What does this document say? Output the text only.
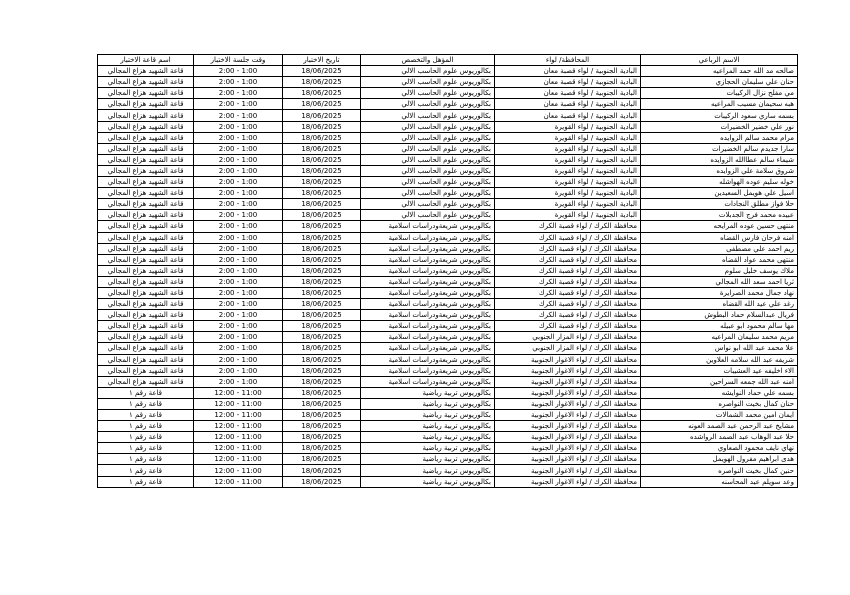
الاسم الرباعي	المحافظة/ لواء	المؤهل والتخصص	تاريخ الاختبار	وقت جلسة الاختبار	اسم قاعة الاختبار
صالحه مد الله حمد المراعيه	البادية الجنوبية / لواء قصبة معان	بكالوريوس علوم الحاسب الالي	18/06/2025	1:00 - 2:00	قاعة الشهيد هزاع المجالي
حنان علي سليمان الحجازي	البادية الجنوبية / لواء قصبة معان	بكالوريوس علوم الحاسب الالي	18/06/2025	1:00 - 2:00	قاعة الشهيد هزاع المجالي
مي مفلح نزال الركيبات	البادية الجنوبية / لواء قصبة معان	بكالوريوس علوم الحاسب الالي	18/06/2025	1:00 - 2:00	قاعة الشهيد هزاع المجالي
هبه سحيمان مسيب المراعيه	البادية الجنوبية / لواء قصبة معان	بكالوريوس علوم الحاسب الالي	18/06/2025	1:00 - 2:00	قاعة الشهيد هزاع المجالي
بسمه ساري سعود الركيبات	البادية الجنوبية / لواء قصبة معان	بكالوريوس علوم الحاسب الالي	18/06/2025	1:00 - 2:00	قاعة الشهيد هزاع المجالي
نور علي خضير الخضيرات	البادية الجنوبية / لواء القويرة	بكالوريوس علوم الحاسب الالي	18/06/2025	1:00 - 2:00	قاعة الشهيد هزاع المجالي
مرام محمد سالم الزوايده	البادية الجنوبية / لواء القويرة	بكالوريوس علوم الحاسب الالي	18/06/2025	1:00 - 2:00	قاعة الشهيد هزاع المجالي
سارا جديدم سالم الخضيرات	البادية الجنوبية / لواء القويرة	بكالوريوس علوم الحاسب الالي	18/06/2025	1:00 - 2:00	قاعة الشهيد هزاع المجالي
شيماء سالم عطاالله الزوايده	البادية الجنوبية / لواء القويرة	بكالوريوس علوم الحاسب الالي	18/06/2025	1:00 - 2:00	قاعة الشهيد هزاع المجالي
شروق سلامة علي الزوايده	البادية الجنوبية / لواء القويرة	بكالوريوس علوم الحاسب الالي	18/06/2025	1:00 - 2:00	قاعة الشهيد هزاع المجالي
خوله سليم عوده الهواشله	البادية الجنوبية / لواء القويرة	بكالوريوس علوم الحاسب الالي	18/06/2025	1:00 - 2:00	قاعة الشهيد هزاع المجالي
اسيل علي هويمل السعيدين	البادية الجنوبية / لواء القويرة	بكالوريوس علوم الحاسب الالي	18/06/2025	1:00 - 2:00	قاعة الشهيد هزاع المجالي
حلا فواز مطلق النجادات	البادية الجنوبية / لواء القويرة	بكالوريوس علوم الحاسب الالي	18/06/2025	1:00 - 2:00	قاعة الشهيد هزاع المجالي
عبيده محمد فرج الجدبلات	البادية الجنوبية / لواء القويرة	بكالوريوس علوم الحاسب الالي	18/06/2025	1:00 - 2:00	قاعة الشهيد هزاع المجالي
منتهى حسين عوده المرايحه	محافظة الكرك / لواء قصبة الكرك	بكالوريوس شريعةودراسات اسلامية	18/06/2025	1:00 - 2:00	قاعة الشهيد هزاع المجالي
امنه فرحان فارس القضاه	محافظة الكرك / لواء قصبة الكرك	بكالوريوس شريعةودراسات اسلامية	18/06/2025	1:00 - 2:00	قاعة الشهيد هزاع المجالي
ريم احمد علي مصطفى	محافظة الكرك / لواء قصبة الكرك	بكالوريوس شريعةودراسات اسلامية	18/06/2025	1:00 - 2:00	قاعة الشهيد هزاع المجالي
منتهى محمد عواد القضاه	محافظة الكرك / لواء قصبة الكرك	بكالوريوس شريعةودراسات اسلامية	18/06/2025	1:00 - 2:00	قاعة الشهيد هزاع المجالي
ملاك يوسف خليل سلوم	محافظة الكرك / لواء قصبة الكرك	بكالوريوس شريعةودراسات اسلامية	18/06/2025	1:00 - 2:00	قاعة الشهيد هزاع المجالي
ثريا احمد سعد الله المجالي	محافظة الكرك / لواء قصبة الكرك	بكالوريوس شريعةودراسات اسلامية	18/06/2025	1:00 - 2:00	قاعة الشهيد هزاع المجالي
نهاد جمال محمد الصرايرة	محافظة الكرك / لواء قصبة الكرك	بكالوريوس شريعةودراسات اسلامية	18/06/2025	1:00 - 2:00	قاعة الشهيد هزاع المجالي
رغد علي عيد الله القضاه	محافظة الكرك / لواء قصبة الكرك	بكالوريوس شريعةودراسات اسلامية	18/06/2025	1:00 - 2:00	قاعة الشهيد هزاع المجالي
فريال عبدالسلام حماد البطوش	محافظة الكرك / لواء قصبة الكرك	بكالوريوس شريعةودراسات اسلامية	18/06/2025	1:00 - 2:00	قاعة الشهيد هزاع المجالي
مها سالم محمود ابو عبيله	محافظة الكرك / لواء قصبة الكرك	بكالوريوس شريعةودراسات اسلامية	18/06/2025	1:00 - 2:00	قاعة الشهيد هزاع المجالي
مريم محمد سليمان المراعيه	محافظة الكرك / لواء المزار الجنوبي	بكالوريوس شريعةودراسات اسلامية	18/06/2025	1:00 - 2:00	قاعة الشهيد هزاع المجالي
علا محمد عبد الله ابو نواس	محافظة الكرك / لواء المزار الجنوبي	بكالوريوس شريعةودراسات اسلامية	18/06/2025	1:00 - 2:00	قاعة الشهيد هزاع المجالي
شريفه عبد الله سلامه العلاوين	محافظة الكرك / لواء الاغوار الجنوبية	بكالوريوس شريعةودراسات اسلامية	18/06/2025	1:00 - 2:00	قاعة الشهيد هزاع المجالي
الاء اخليفه عيد العشيبات	محافظة الكرك / لواء الاغوار الجنوبية	بكالوريوس شريعةودراسات اسلامية	18/06/2025	1:00 - 2:00	قاعة الشهيد هزاع المجالي
امنه عبد الله جمعه السراحين	محافظة الكرك / لواء الاغوار الجنوبية	بكالوريوس شريعةودراسات اسلامية	18/06/2025	1:00 - 2:00	قاعة الشهيد هزاع المجالي
بسمه علي حماد النوايشه	محافظة الكرك / لواء الاغوار الجنوبية	بكالوريوس تربية رياضية	18/06/2025	11:00 - 12:00	قاعة رقم ١
حنان كمال بخيت النواصره	محافظة الكرك / لواء الاغوار الجنوبية	بكالوريوس تربية رياضية	18/06/2025	11:00 - 12:00	قاعة رقم ١
ايمان امين محمد الشمالات	محافظة الكرك / لواء الاغوار الجنوبية	بكالوريوس تربية رياضية	18/06/2025	11:00 - 12:00	قاعة رقم ١
مشايخ عبد الرحمن عبد الصمد العونه	محافظة الكرك / لواء الاغوار الجنوبية	بكالوريوس تربية رياضية	18/06/2025	11:00 - 12:00	قاعة رقم ١
حلا عبد الوهاب عبد الصمد الرواشده	محافظة الكرك / لواء الاغوار الجنوبية	بكالوريوس تربية رياضية	18/06/2025	11:00 - 12:00	قاعة رقم ١
نهاي نايف محمود الصعاوي	محافظة الكرك / لواء الاغوار الجنوبية	بكالوريوس تربية رياضية	18/06/2025	11:00 - 12:00	قاعة رقم ١
هدى ابراهيم مفرول الهويمل	محافظة الكرك / لواء الاغوار الجنوبية	بكالوريوس تربية رياضية	18/06/2025	11:00 - 12:00	قاعة رقم ١
حنين كمال بخيت النواصره	محافظة الكرك / لواء الاغوار الجنوبية	بكالوريوس تربية رياضية	18/06/2025	11:00 - 12:00	قاعة رقم ١
وعد سويلم عيد المحاسنه	محافظة الكرك / لواء الاغوار الجنوبية	بكالوريوس تربية رياضية	18/06/2025	11:00 - 12:00	قاعة رقم ١
